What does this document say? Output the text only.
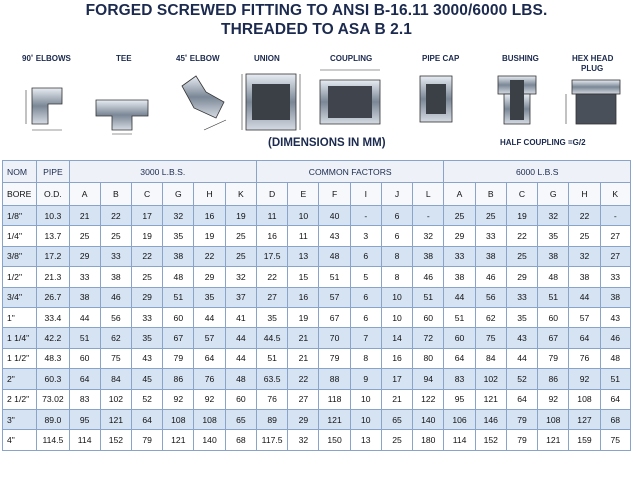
FORGED SCREWED FITTING TO ANSI B-16.11 3000/6000 LBS.
THREADED TO ASA B 2.1
90˚ ELBOWS	TEE	45˚ ELBOW	UNION	COUPLING	PIPE CAP	BUSHING	HEX HEAD
PLUG
(DIMENSIONS IN MM)	HALF COUPLING =G/2
NOM	PIPE	3000 L.B.S.						COMMON FACTORS						6000 L.B.S					
BORE	O.D.	A	B	C	G	H	K	D	E	F	I	J	L	A	B	C	G	H	K
1/8"	10.3	21	22	17	32	16	19	11	10	40	-	6	-	25	25	19	32	22	-
1/4"	13.7	25	25	19	35	19	25	16	11	43	3	6	32	29	33	22	35	25	27
3/8"	17.2	29	33	22	38	22	25	17.5	13	48	6	8	38	33	38	25	38	32	27
1/2"	21.3	33	38	25	48	29	32	22	15	51	5	8	46	38	46	29	48	38	33
3/4"	26.7	38	46	29	51	35	37	27	16	57	6	10	51	44	56	33	51	44	38
1"	33.4	44	56	33	60	44	41	35	19	67	6	10	60	51	62	35	60	57	43
1 1/4"	42.2	51	62	35	67	57	44	44.5	21	70	7	14	72	60	75	43	67	64	46
1 1/2"	48.3	60	75	43	79	64	44	51	21	79	8	16	80	64	84	44	79	76	48
2"	60.3	64	84	45	86	76	48	63.5	22	88	9	17	94	83	102	52	86	92	51
2 1/2"	73.02	83	102	52	92	92	60	76	27	118	10	21	122	95	121	64	92	108	64
3"	89.0	95	121	64	108	108	65	89	29	121	10	65	140	106	146	79	108	127	68
4"	114.5	114	152	79	121	140	68	117.5	32	150	13	25	180	114	152	79	121	159	75
